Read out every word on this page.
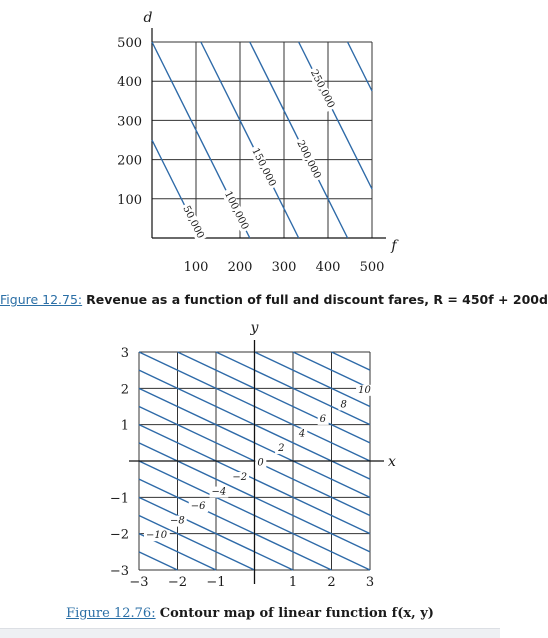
50,000 100,000
150,000 200,000
250,000
100 200 300 400 500
100
200
300
400
500
d
f
Figure 12.75: Revenue as a function of full and discount fares, R = 450f + 200d
−10
−8
−6
−4
−2
0
2
4
6
8
10
−3 −2 −1	1 2 3
−3
−2
−1
1
2
3
y
x
Figure 12.76: Contour map of linear function f(x, y)
